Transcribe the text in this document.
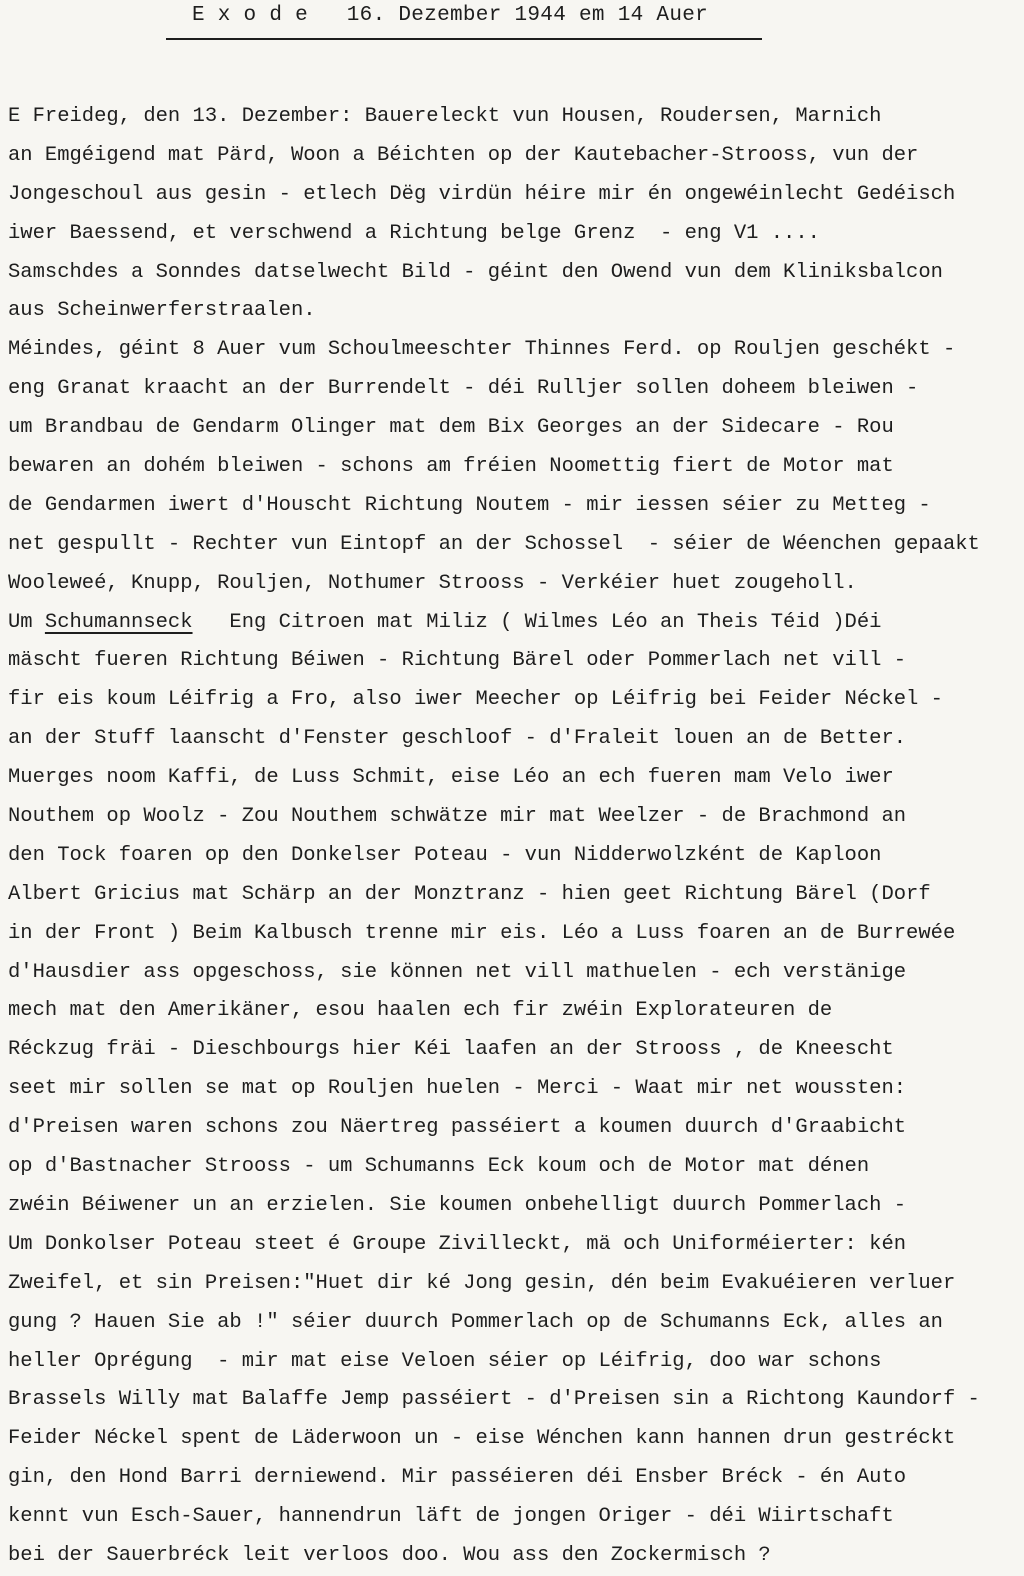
E x o d e   16. Dezember 1944 em 14 Auer
E Freideg, den 13. Dezember: Bauereleckt vun Housen, Roudersen, Marnich
an Emgéigend mat Pärd, Woon a Béichten op der Kautebacher-Strooss, vun der
Jongeschoul aus gesin - etlech Dëg virdün héire mir én ongewéinlecht Gedéisch
iwer Baessend, et verschwend a Richtung belge Grenz  - eng V1 ....
Samschdes a Sonndes datselwecht Bild - géint den Owend vun dem Kliniksbalcon
aus Scheinwerferstraalen.
Méindes, géint 8 Auer vum Schoulmeeschter Thinnes Ferd. op Rouljen geschékt -
eng Granat kraacht an der Burrendelt - déi Rulljer sollen doheem bleiwen -
um Brandbau de Gendarm Olinger mat dem Bix Georges an der Sidecare - Rou
bewaren an dohém bleiwen - schons am fréien Noomettig fiert de Motor mat
de Gendarmen iwert d'Houscht Richtung Noutem - mir iessen séier zu Metteg -
net gespullt - Rechter vun Eintopf an der Schossel  - séier de Wéenchen gepaakt
Wooleweé, Knupp, Rouljen, Nothumer Strooss - Verkéier huet zougeholl.
Um Schumannseck   Eng Citroen mat Miliz ( Wilmes Léo an Theis Téid )Déi
mäscht fueren Richtung Béiwen - Richtung Bärel oder Pommerlach net vill -
fir eis koum Léifrig a Fro, also iwer Meecher op Léifrig bei Feider Néckel -
an der Stuff laanscht d'Fenster geschloof - d'Fraleit louen an de Better.
Muerges noom Kaffi, de Luss Schmit, eise Léo an ech fueren mam Velo iwer
Nouthem op Woolz - Zou Nouthem schwätze mir mat Weelzer - de Brachmond an
den Tock foaren op den Donkelser Poteau - vun Nidderwolzként de Kaploon
Albert Gricius mat Schärp an der Monztranz - hien geet Richtung Bärel (Dorf
in der Front ) Beim Kalbusch trenne mir eis. Léo a Luss foaren an de Burrewée
d'Hausdier ass opgeschoss, sie können net vill mathuelen - ech verstänige
mech mat den Amerikäner, esou haalen ech fir zwéin Explorateuren de
Réckzug fräi - Dieschbourgs hier Kéi laafen an der Strooss , de Kneescht
seet mir sollen se mat op Rouljen huelen - Merci - Waat mir net woussten:
d'Preisen waren schons zou Näertreg passéiert a koumen duurch d'Graabicht
op d'Bastnacher Strooss - um Schumanns Eck koum och de Motor mat dénen
zwéin Béiwener un an erzielen. Sie koumen onbehelligt duurch Pommerlach -
Um Donkolser Poteau steet é Groupe Zivilleckt, mä och Uniforméierter: kén
Zweifel, et sin Preisen:"Huet dir ké Jong gesin, dén beim Evakuéieren verluer
gung ? Hauen Sie ab !" séier duurch Pommerlach op de Schumanns Eck, alles an
heller Oprégung  - mir mat eise Veloen séier op Léifrig, doo war schons
Brassels Willy mat Balaffe Jemp passéiert - d'Preisen sin a Richtong Kaundorf -
Feider Néckel spent de Läderwoon un - eise Wénchen kann hannen drun gestréckt
gin, den Hond Barri derniewend. Mir passéieren déi Ensber Bréck - én Auto
kennt vun Esch-Sauer, hannendrun läft de jongen Origer - déi Wiirtschaft
bei der Sauerbréck leit verloos doo. Wou ass den Zockermisch ?
